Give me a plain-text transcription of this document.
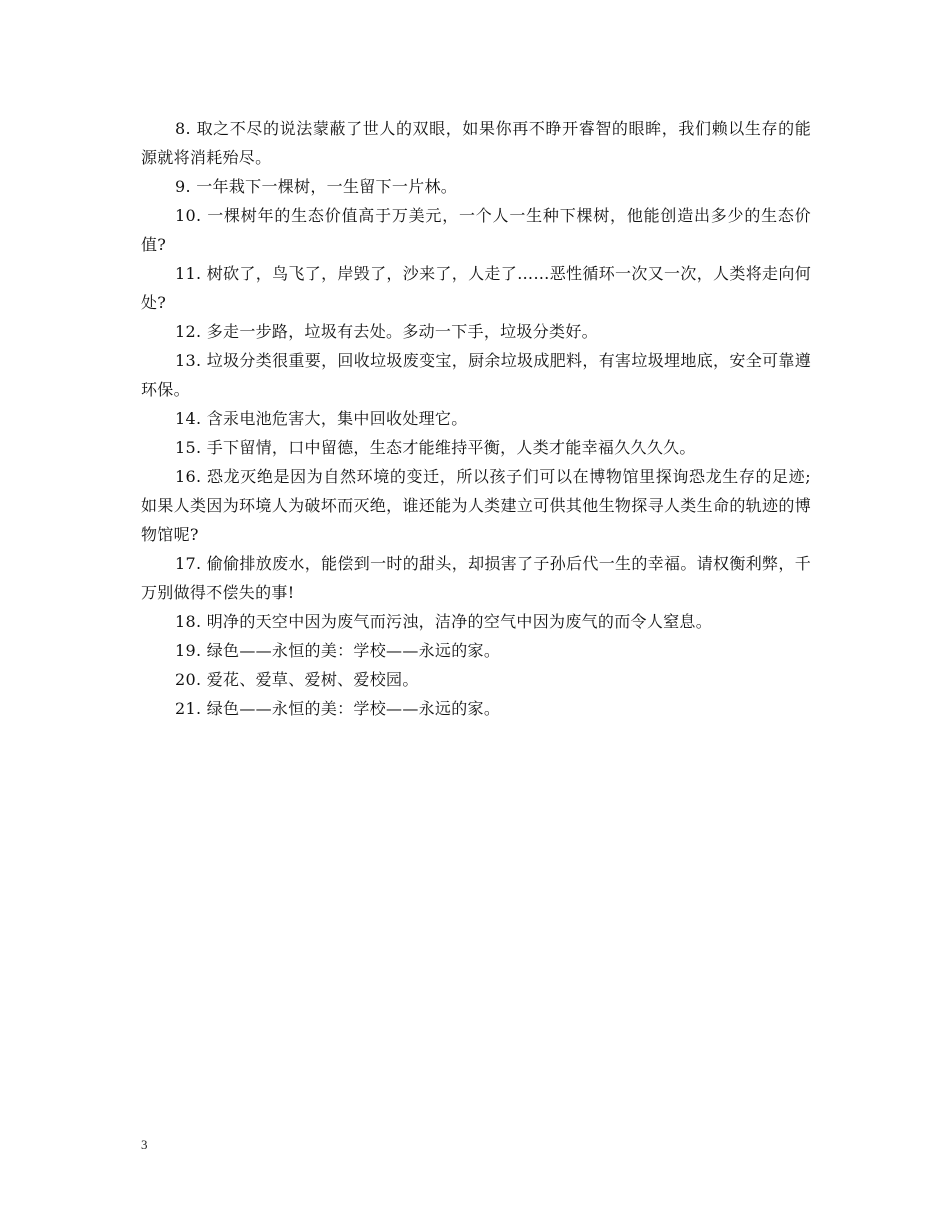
8. 取之不尽的说法蒙蔽了世人的双眼，如果你再不睁开睿智的眼眸，我们赖以生存的能源就将消耗殆尽。

9. 一年栽下一棵树，一生留下一片林。

10. 一棵树年的生态价值高于万美元，一个人一生种下棵树，他能创造出多少的生态价值?

11. 树砍了，鸟飞了，岸毁了，沙来了，人走了……恶性循环一次又一次，人类将走向何处?

12. 多走一步路，垃圾有去处。多动一下手，垃圾分类好。

13. 垃圾分类很重要，回收垃圾废变宝，厨余垃圾成肥料，有害垃圾埋地底，安全可靠遵环保。

14. 含汞电池危害大，集中回收处理它。

15. 手下留情，口中留德，生态才能维持平衡，人类才能幸福久久久久。

16. 恐龙灭绝是因为自然环境的变迁，所以孩子们可以在博物馆里探询恐龙生存的足迹;如果人类因为环境人为破坏而灭绝，谁还能为人类建立可供其他生物探寻人类生命的轨迹的博物馆呢?

17. 偷偷排放废水，能偿到一时的甜头，却损害了子孙后代一生的幸福。请权衡利弊，千万别做得不偿失的事!

18. 明净的天空中因为废气而污浊，洁净的空气中因为废气的而令人窒息。

19. 绿色——永恒的美：学校——永远的家。

20. 爱花、爱草、爱树、爱校园。

21. 绿色——永恒的美：学校——永远的家。

3
